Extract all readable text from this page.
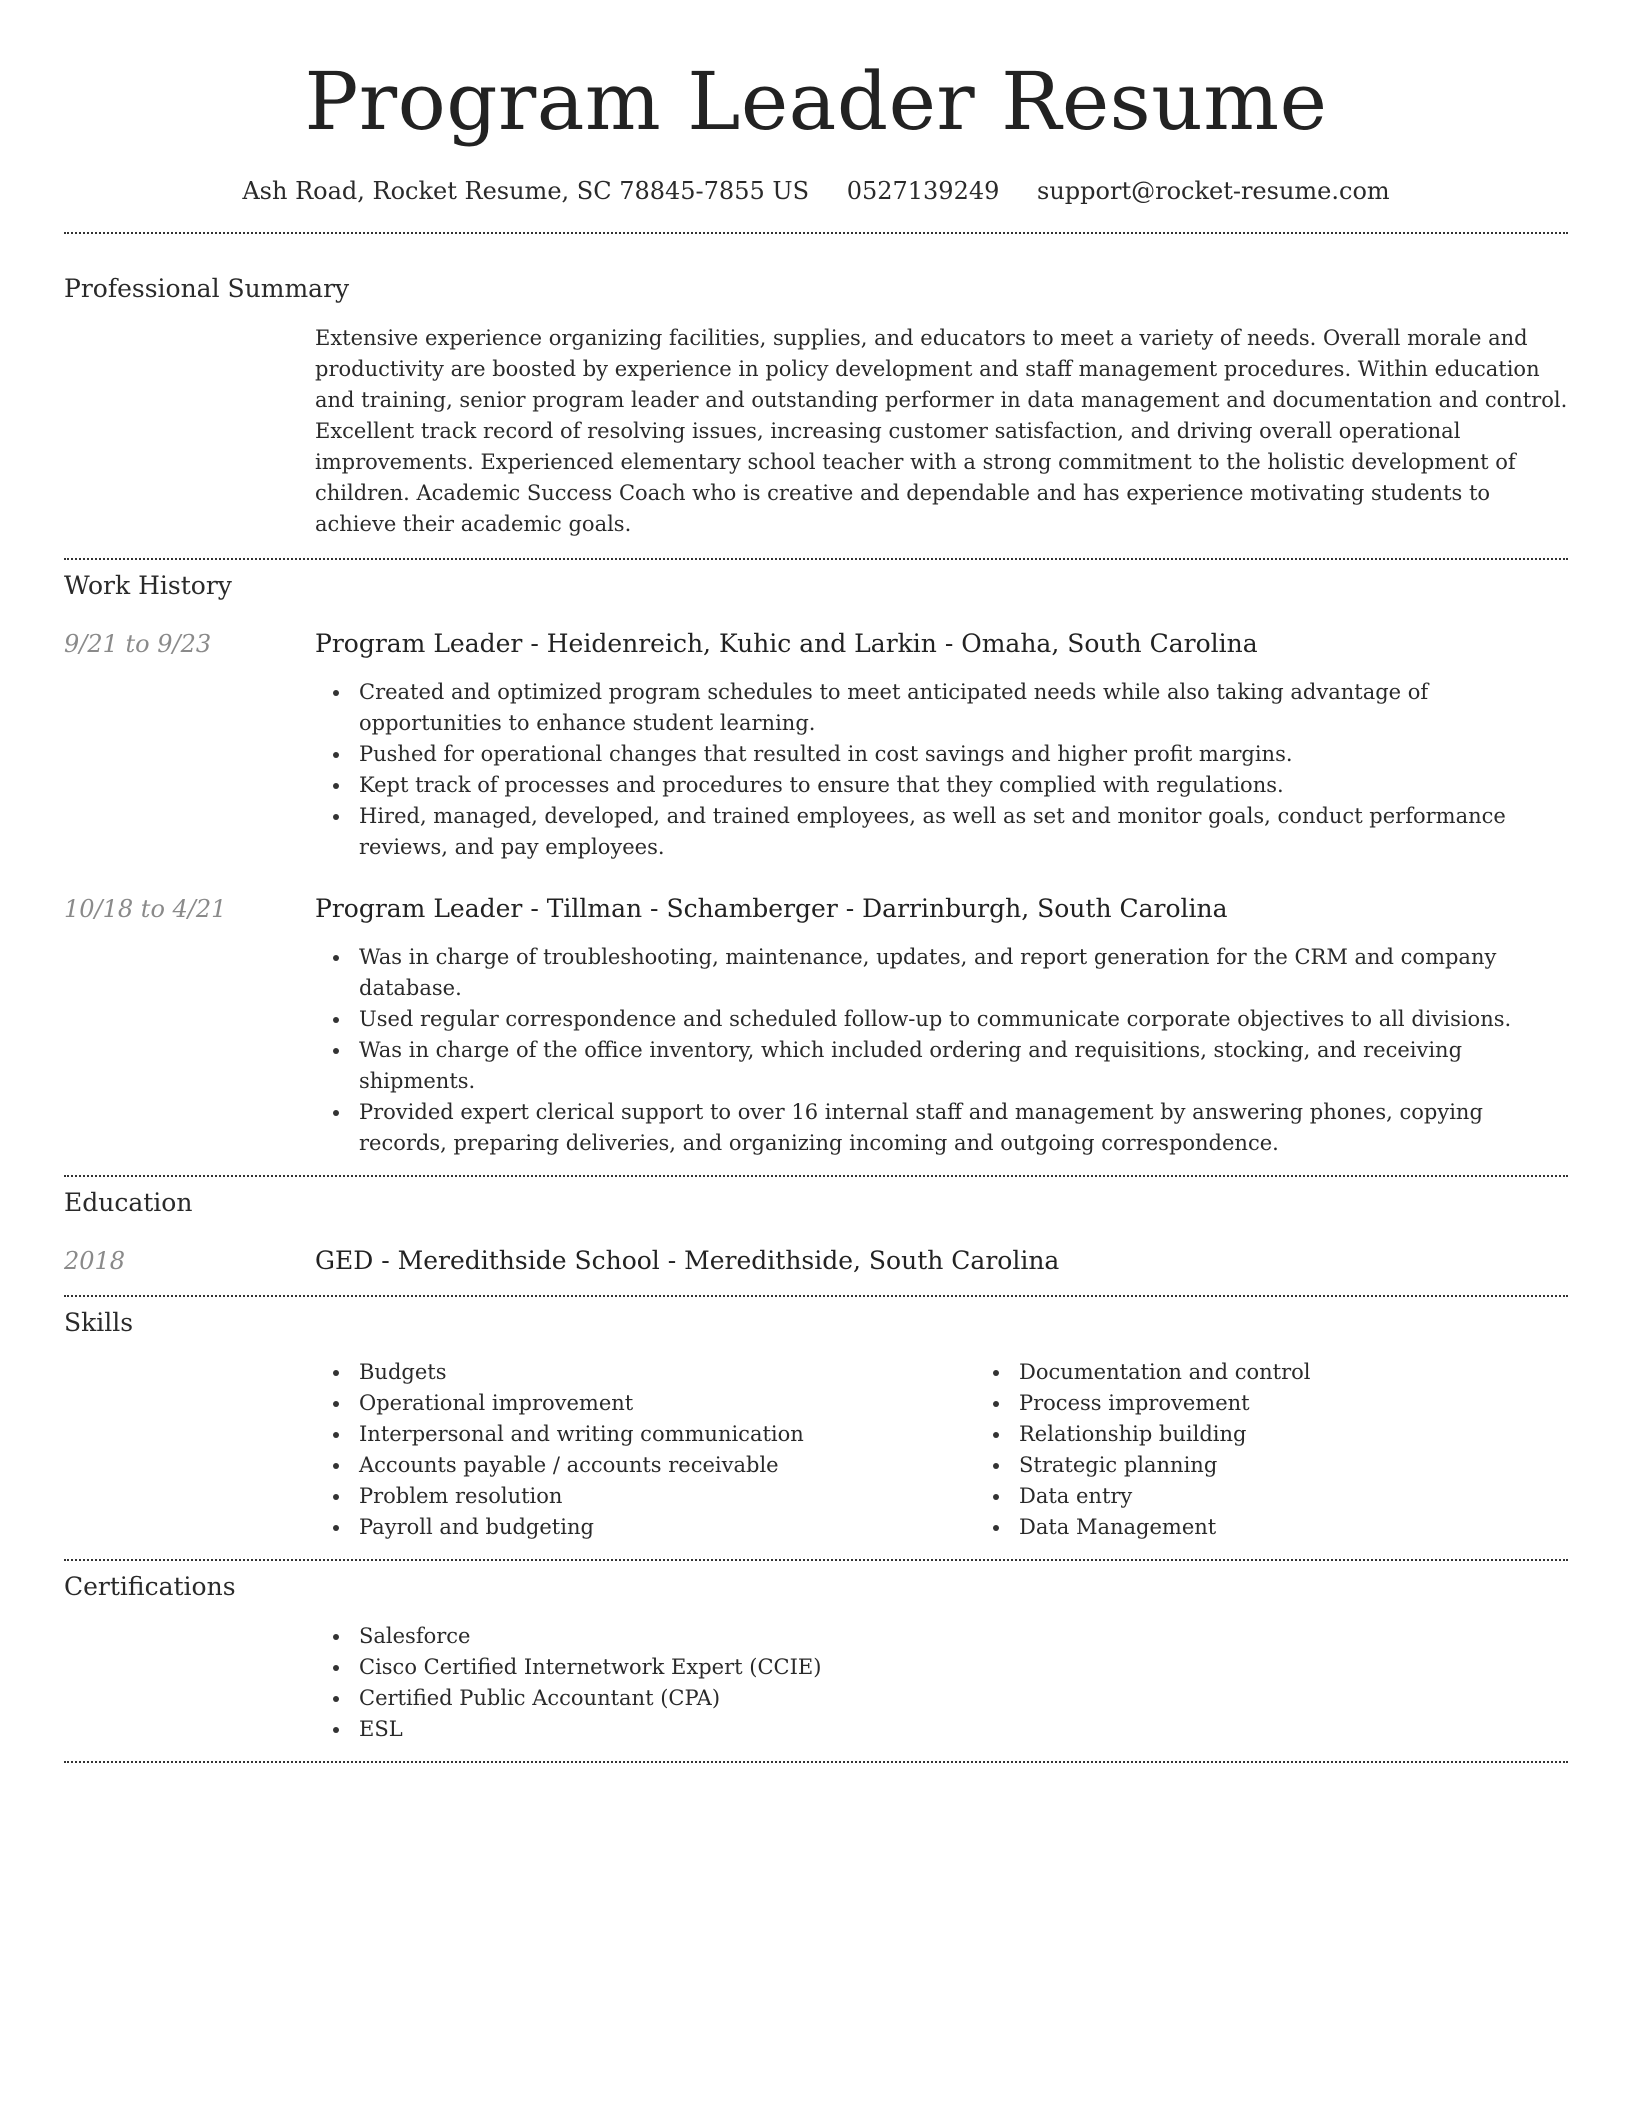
Program Leader Resume
Ash Road, Rocket Resume, SC 78845-7855 US 0527139249 support@rocket-resume.com
Professional Summary
Extensive experience organizing facilities, supplies, and educators to meet a variety of needs. Overall morale and productivity are boosted by experience in policy development and staff management procedures. Within education and training, senior program leader and outstanding performer in data management and documentation and control. Excellent track record of resolving issues, increasing customer satisfaction, and driving overall operational improvements. Experienced elementary school teacher with a strong commitment to the holistic development of children. Academic Success Coach who is creative and dependable and has experience motivating students to achieve their academic goals.
Work History
9/21 to 9/23	Program Leader - Heidenreich, Kuhic and Larkin - Omaha, South Carolina
Created and optimized program schedules to meet anticipated needs while also taking advantage of opportunities to enhance student learning.
Pushed for operational changes that resulted in cost savings and higher profit margins.
Kept track of processes and procedures to ensure that they complied with regulations.
Hired, managed, developed, and trained employees, as well as set and monitor goals, conduct performance reviews, and pay employees.
10/18 to 4/21	Program Leader - Tillman - Schamberger - Darrinburgh, South Carolina
Was in charge of troubleshooting, maintenance, updates, and report generation for the CRM and company database.
Used regular correspondence and scheduled follow-up to communicate corporate objectives to all divisions.
Was in charge of the office inventory, which included ordering and requisitions, stocking, and receiving shipments.
Provided expert clerical support to over 16 internal staff and management by answering phones, copying records, preparing deliveries, and organizing incoming and outgoing correspondence.
Education
2018	GED - Meredithside School - Meredithside, South Carolina
Skills
Budgets
Operational improvement
Interpersonal and writing communication
Accounts payable / accounts receivable
Problem resolution
Payroll and budgeting
Documentation and control
Process improvement
Relationship building
Strategic planning
Data entry
Data Management
Certifications
Salesforce
Cisco Certified Internetwork Expert (CCIE)
Certified Public Accountant (CPA)
ESL
